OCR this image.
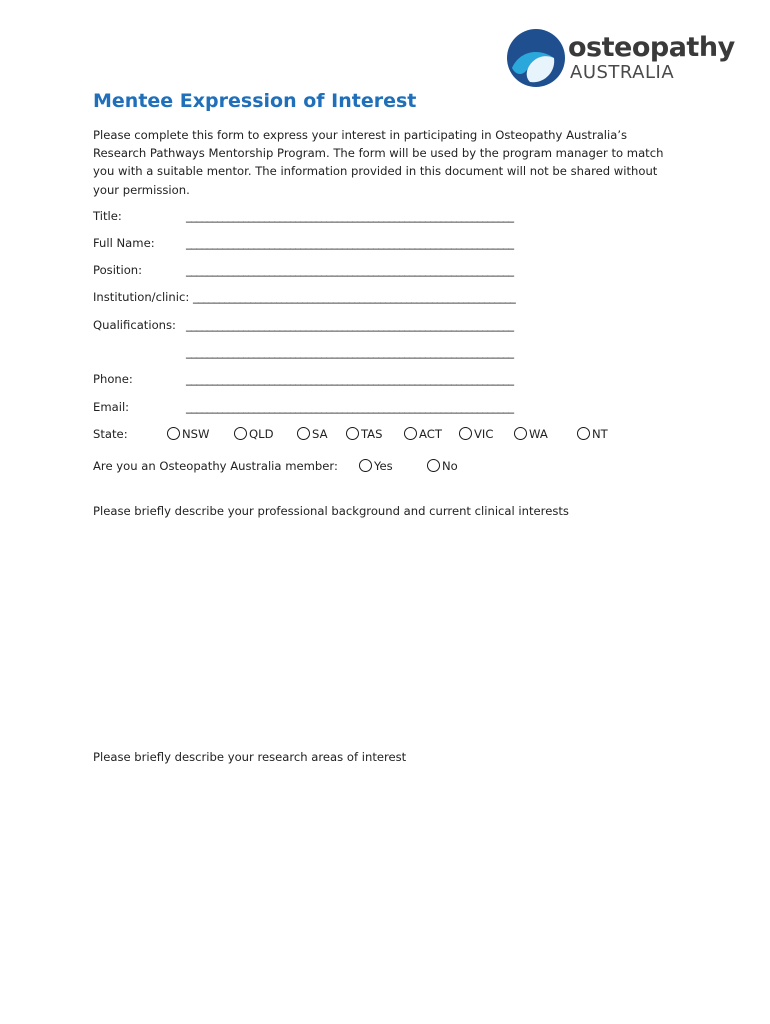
osteopathy
AUSTRALIA
Mentee Expression of Interest
Please complete this form to express your interest in participating in Osteopathy Australia’s Research Pathways Mentorship Program. The form will be used by the program manager to match you with a suitable mentor. The information provided in this document will not be shared without your permission.
Title:	_______________________________________________________________
Full Name:	_______________________________________________________________
Position:	_______________________________________________________________
Institution/clinic: ______________________________________________________________
Qualifications: _______________________________________________________________
_______________________________________________________________
Phone:	_______________________________________________________________
Email:	_______________________________________________________________
State:	NSW	QLD	SA	TAS	ACT	VIC	WA	NT
Are you an Osteopathy Australia member:	Yes	No
Please briefly describe your professional background and current clinical interests
Please briefly describe your research areas of interest
